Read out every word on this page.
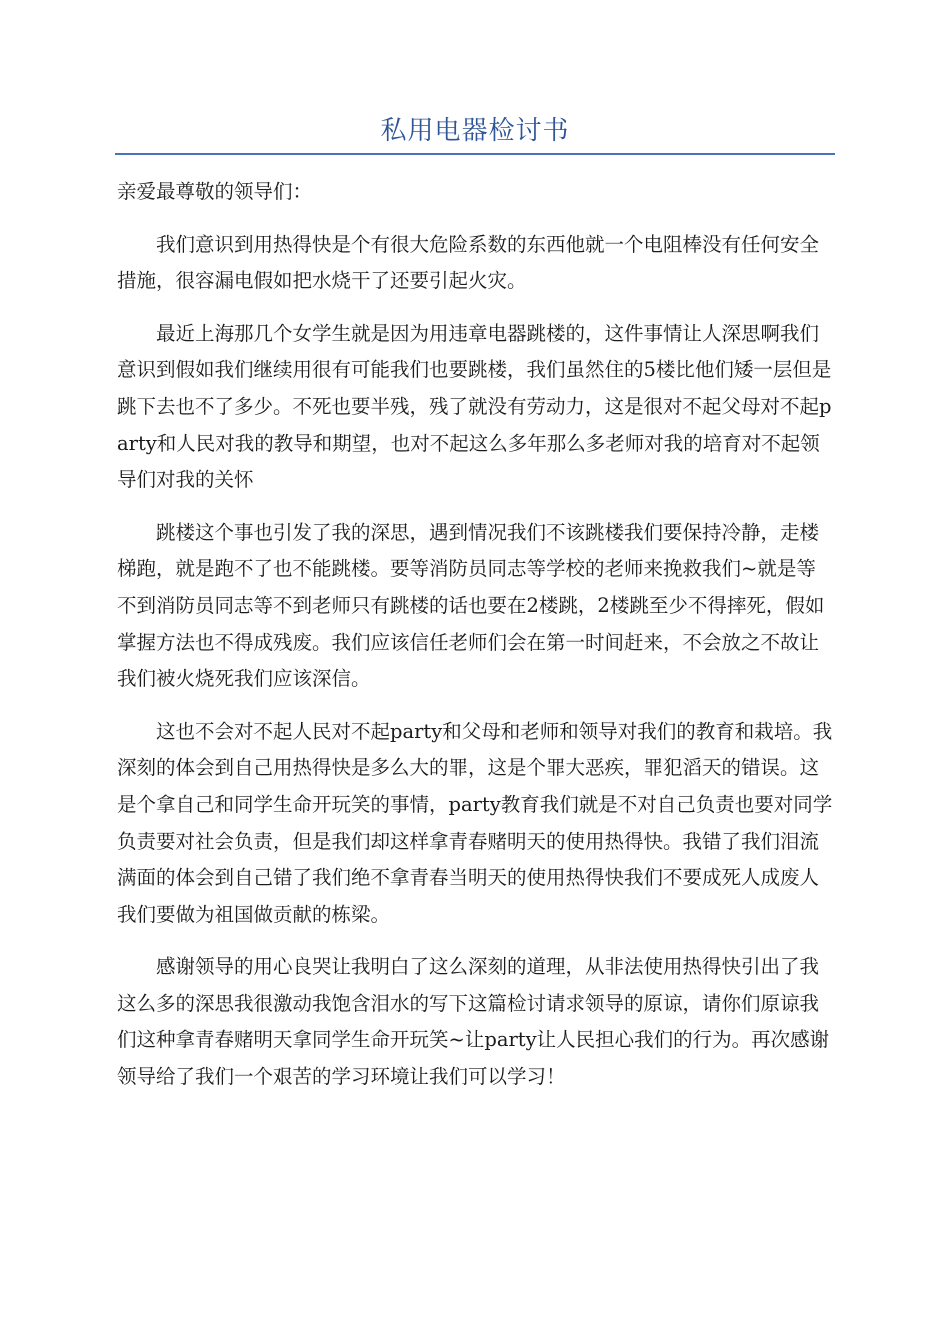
私用电器检讨书

亲爱最尊敬的领导们：

我们意识到用热得快是个有很大危险系数的东西他就一个电阻棒没有任何安全措施，很容漏电假如把水烧干了还要引起火灾。

最近上海那几个女学生就是因为用违章电器跳楼的，这件事情让人深思啊我们意识到假如我们继续用很有可能我们也要跳楼，我们虽然住的5楼比他们矮一层但是跳下去也不了多少。不死也要半残，残了就没有劳动力，这是很对不起父母对不起party和人民对我的教导和期望，也对不起这么多年那么多老师对我的培育对不起领导们对我的关怀

跳楼这个事也引发了我的深思，遇到情况我们不该跳楼我们要保持冷静，走楼梯跑，就是跑不了也不能跳楼。要等消防员同志等学校的老师来挽救我们~就是等不到消防员同志等不到老师只有跳楼的话也要在2楼跳，2楼跳至少不得摔死，假如掌握方法也不得成残废。我们应该信任老师们会在第一时间赶来，不会放之不故让我们被火烧死我们应该深信。

这也不会对不起人民对不起party和父母和老师和领导对我们的教育和栽培。我深刻的体会到自己用热得快是多么大的罪，这是个罪大恶疾，罪犯滔天的错误。这是个拿自己和同学生命开玩笑的事情，party教育我们就是不对自己负责也要对同学负责要对社会负责，但是我们却这样拿青春赌明天的使用热得快。我错了我们泪流满面的体会到自己错了我们绝不拿青春当明天的使用热得快我们不要成死人成废人我们要做为祖国做贡献的栋梁。

感谢领导的用心良哭让我明白了这么深刻的道理，从非法使用热得快引出了我这么多的深思我很激动我饱含泪水的写下这篇检讨请求领导的原谅，请你们原谅我们这种拿青春赌明天拿同学生命开玩笑~让party让人民担心我们的行为。再次感谢领导给了我们一个艰苦的学习环境让我们可以学习！
